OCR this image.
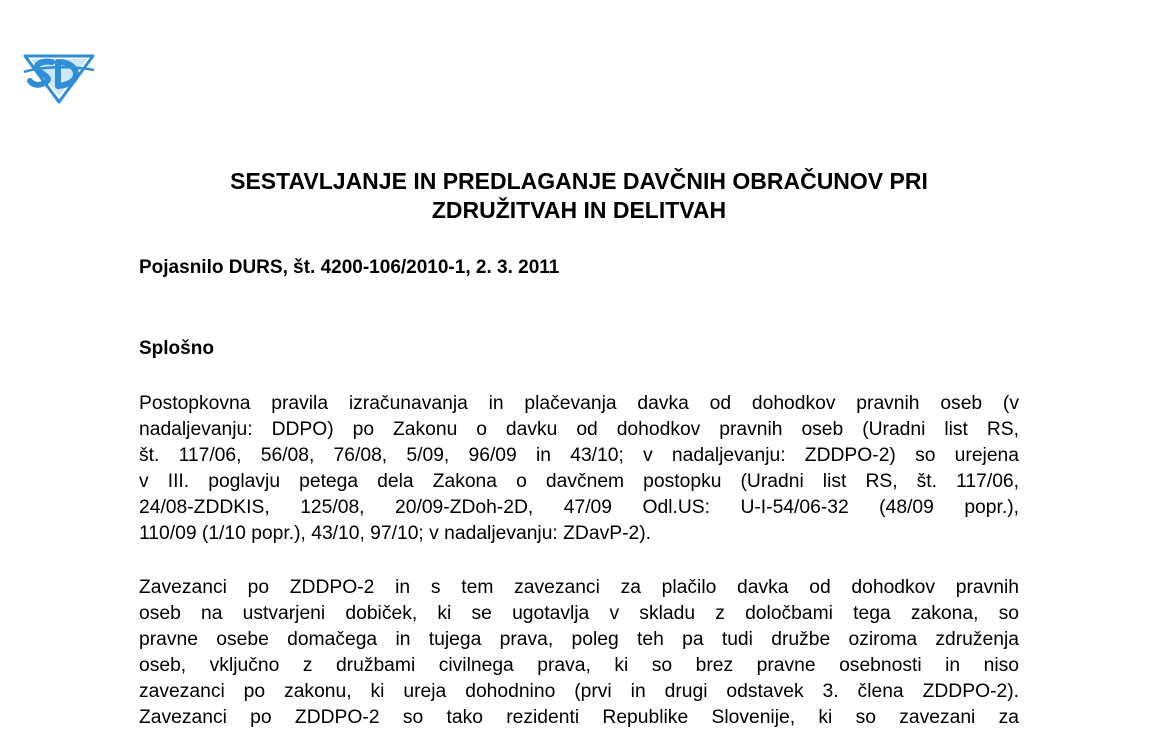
SESTAVLJANJE IN PREDLAGANJE DAVČNIH OBRAČUNOV PRI
ZDRUŽITVAH IN DELITVAH

Pojasnilo DURS, št. 4200-106/2010-1, 2. 3. 2011

Splošno

Postopkovna pravila izračunavanja in plačevanja davka od dohodkov pravnih oseb (v
nadaljevanju: DDPO) po Zakonu o davku od dohodkov pravnih oseb (Uradni list RS,
št. 117/06, 56/08, 76/08, 5/09, 96/09 in 43/10; v nadaljevanju: ZDDPO-2) so urejena
v III. poglavju petega dela Zakona o davčnem postopku (Uradni list RS, št. 117/06,
24/08-ZDDKIS, 125/08, 20/09-ZDoh-2D, 47/09 Odl.US: U-I-54/06-32 (48/09 popr.),
110/09 (1/10 popr.), 43/10, 97/10; v nadaljevanju: ZDavP-2).

Zavezanci po ZDDPO-2 in s tem zavezanci za plačilo davka od dohodkov pravnih
oseb na ustvarjeni dobiček, ki se ugotavlja v skladu z določbami tega zakona, so
pravne osebe domačega in tujega prava, poleg teh pa tudi družbe oziroma združenja
oseb, vključno z družbami civilnega prava, ki so brez pravne osebnosti in niso
zavezanci po zakonu, ki ureja dohodnino (prvi in drugi odstavek 3. člena ZDDPO-2).
Zavezanci po ZDDPO-2 so tako rezidenti Republike Slovenije, ki so zavezani za
